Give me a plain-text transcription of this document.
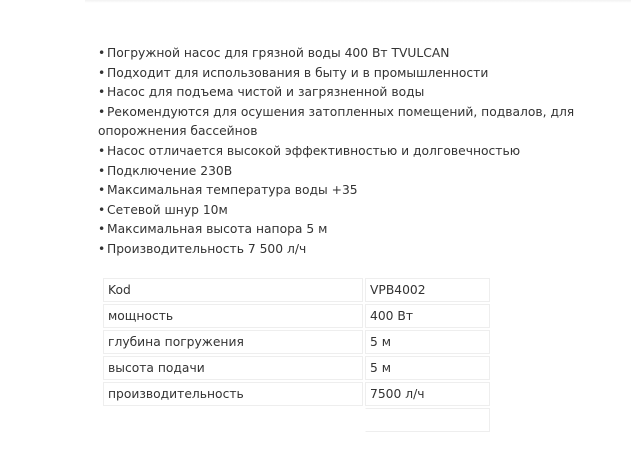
• Погружной насос для грязной воды 400 Вт TVULCAN
• Подходит для использования в быту и в промышленности
• Насос для подъема чистой и загрязненной воды
• Рекомендуются для осушения затопленных помещений, подвалов, для опорожнения бассейнов
• Насос отличается высокой эффективностью и долговечностью
• Подключение 230В
• Максимальная температура воды +35
• Сетевой шнур 10м
• Максимальная высота напора 5 м
• Производительность 7 500 л/ч
Kod	VPB4002
мощность	400 Вт
глубина погружения	5 м
высота подачи	5 м
производительность	7500 л/ч
